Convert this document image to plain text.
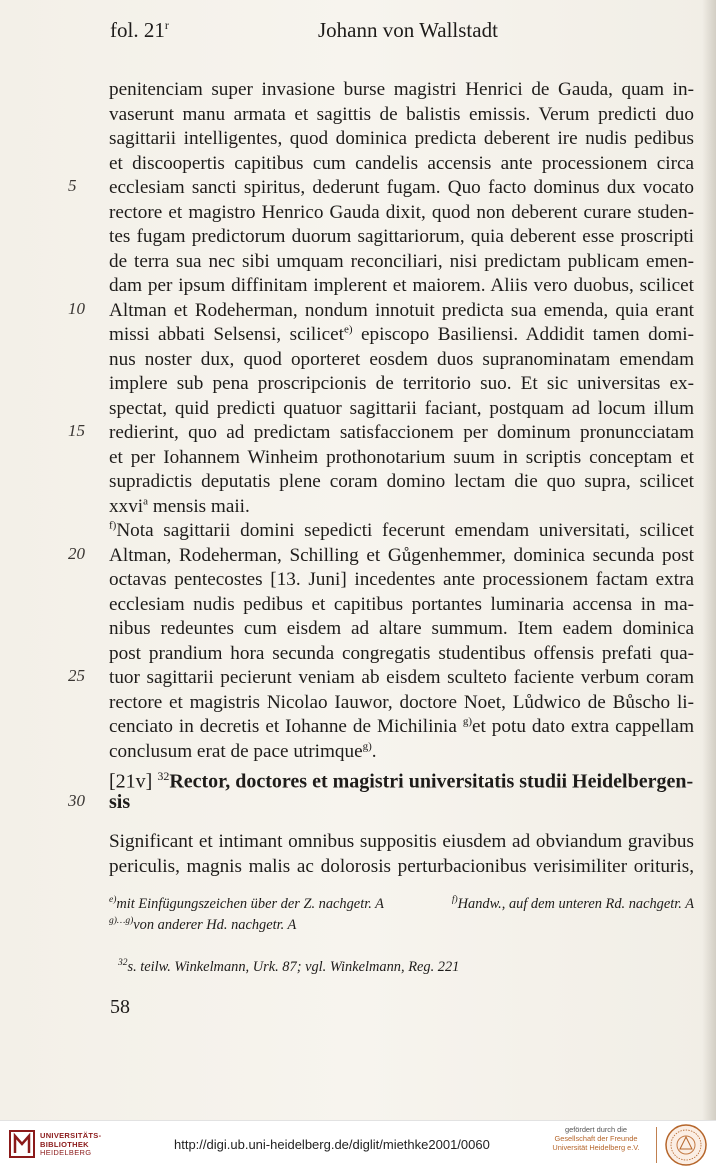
fol. 21$^r$	Johann von Wallstadt
penitenciam super invasione burse magistri Henrici de Gauda, quam in-
vaserunt manu armata et sagittis de balistis emissis. Verum predicti duo
sagittarii intelligentes, quod dominica predicta deberent ire nudis pedibus
et discoopertis capitibus cum candelis accensis ante processionem circa
ecclesiam sancti spiritus, dederunt fugam. Quo facto dominus dux vocato
rectore et magistro Henrico Gauda dixit, quod non deberent curare studen-
tes fugam predictorum duorum sagittariorum, quia deberent esse proscripti
de terra sua nec sibi umquam reconciliari, nisi predictam publicam emen-
dam per ipsum diffinitam implerent et maiorem. Aliis vero duobus, scilicet
Altman et Rodeherman, nondum innotuit predicta sua emenda, quia erant
missi abbati Selsensi, scilicet$^{e)}$ episcopo Basiliensi. Addidit tamen domi-
nus noster dux, quod oporteret eosdem duos supranominatam emendam
implere sub pena proscripcionis de territorio suo. Et sic universitas ex-
spectat, quid predicti quatuor sagittarii faciant, postquam ad locum illum
redierint, quo ad predictam satisfaccionem per dominum pronuncciatam
et per Iohannem Winheim prothonotarium suum in scriptis conceptam et
supradictis deputatis plene coram domino lectam die quo supra, scilicet
xxvi$^a$ mensis maii.
$^{f)}$Nota sagittarii domini sepedicti fecerunt emendam universitati, scilicet
Altman, Rodeherman, Schilling et Gůgenhemmer, dominica secunda post
octavas pentecostes [13. Juni] incedentes ante processionem factam extra
ecclesiam nudis pedibus et capitibus portantes luminaria accensa in ma-
nibus redeuntes cum eisdem ad altare summum. Item eadem dominica
post prandium hora secunda congregatis studentibus offensis prefati qua-
tuor sagittarii pecierunt veniam ab eisdem sculteto faciente verbum coram
rectore et magistris Nicolao Iauwor, doctore Noet, Lůdwico de Bůscho li-
cenciato in decretis et Iohanne de Michilinia $^{g)}$et potu dato extra cappellam
conclusum erat de pace utrimque$^{g)}$.
5
10
15
20
25
[21v] $^{32}$Rector, doctores et magistri universitatis studii Heidelbergen-
sis
30
Significant et intimant omnibus suppositis eiusdem ad obviandum gravibus
periculis, magnis malis ac dolorosis perturbacionibus verisimiliter orituris,
$^{e)}$mit Einfügungszeichen über der Z. nachgetr. A	$^{f)}$Handw., auf dem unteren Rd. nachgetr. A
$^{g)\dots g)}$von anderer Hd. nachgetr. A
$^{32}$s. teilw. Winkelmann, Urk. 87; vgl. Winkelmann, Reg. 221
58
UNIVERSITÄTS-
BIBLIOTHEK
HEIDELBERG
http://digi.ub.uni-heidelberg.de/diglit/miethke2001/0060
gefördert durch die
Gesellschaft der Freunde
Universität Heidelberg e.V.
